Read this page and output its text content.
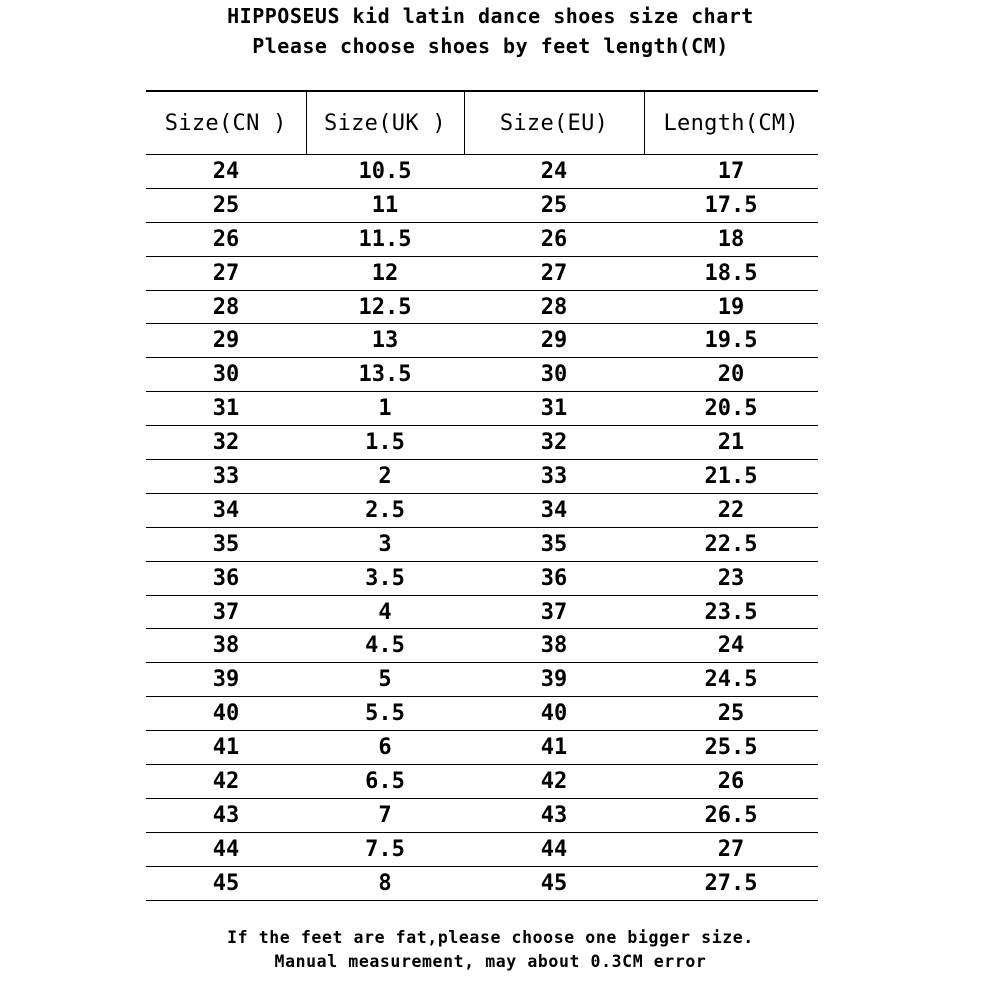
HIPPOSEUS kid latin dance shoes size chart
Please choose shoes by feet length(CM)
Size(CN )	Size(UK )	Size(EU)	Length(CM)
24	10.5	24	17
25	11	25	17.5
26	11.5	26	18
27	12	27	18.5
28	12.5	28	19
29	13	29	19.5
30	13.5	30	20
31	1	31	20.5
32	1.5	32	21
33	2	33	21.5
34	2.5	34	22
35	3	35	22.5
36	3.5	36	23
37	4	37	23.5
38	4.5	38	24
39	5	39	24.5
40	5.5	40	25
41	6	41	25.5
42	6.5	42	26
43	7	43	26.5
44	7.5	44	27
45	8	45	27.5
If the feet are fat,please choose one bigger size.
Manual measurement, may about 0.3CM error
